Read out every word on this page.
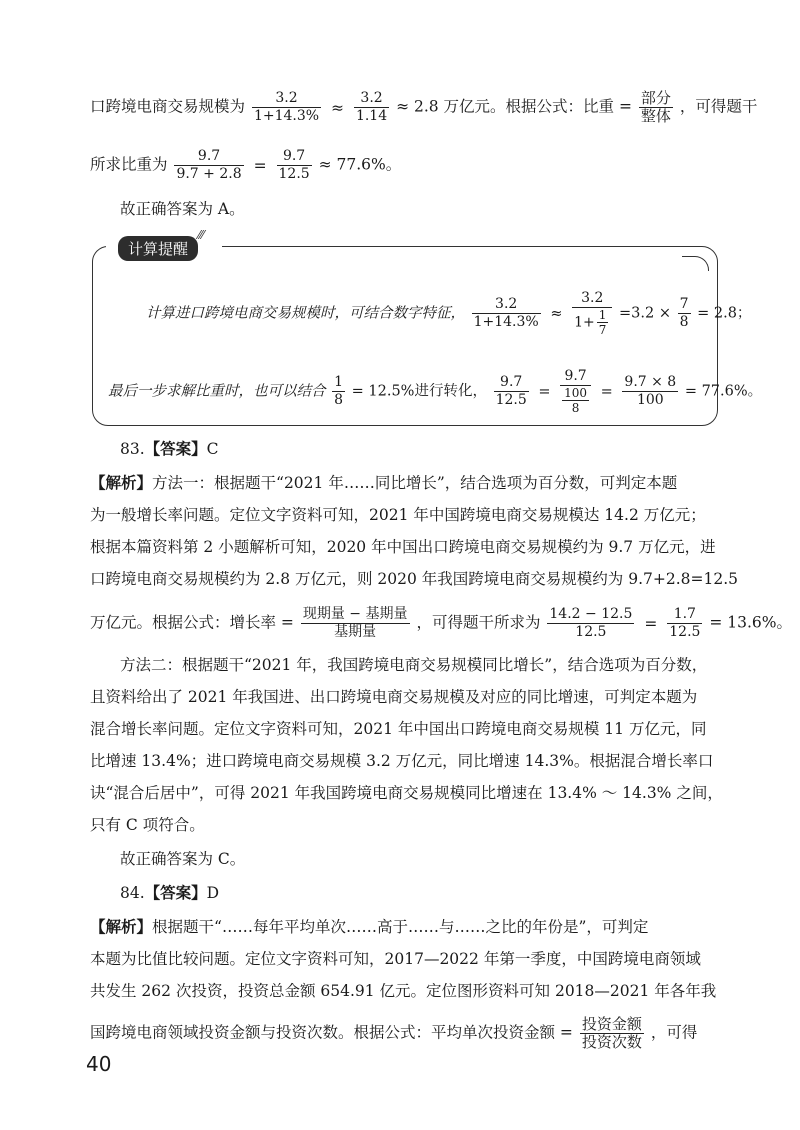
口跨境电商交易规模为 $\frac{3.2}{1+14.3\%} \approx \frac{3.2}{1.14} \approx 2.8$ 万亿元。根据公式：比重 = 部分
整体
，可得题干
所求比重为 $\frac{9.7}{9.7 + 2.8} = \frac{9.7}{12.5} \approx 77.6\%$。
故正确答案为 A。
计算提醒
⁄⁄⁄
计算进口跨境电商交易规模时，可结合数字特征， $\frac{3.2}{1+14.3\%} \approx \frac{3.2}{1+ \frac{1}{7}} =3.2 \times \frac{7}{8} = 2.8$；
最后一步求解比重时，也可以结合 $\frac{1}{8} = 12.5\%$进行转化， $\frac{9.7}{12.5} = \frac{9.7}{\frac{100}{8}} = \frac{9.7 \times 8}{100} = 77.6\%$。
83.【答案】C
【解析】方法一：根据题干“2021 年……同比增长”，结合选项为百分数，可判定本题
为一般增长率问题。定位文字资料可知，2021 年中国跨境电商交易规模达 14.2 万亿元；
根据本篇资料第 2 小题解析可知，2020 年中国出口跨境电商交易规模约为 9.7 万亿元，进
口跨境电商交易规模约为 2.8 万亿元，则 2020 年我国跨境电商交易规模约为 9.7+2.8=12.5
万亿元。根据公式：增长率 = 现期量 − 基期量
基期量
，可得题干所求为 $\frac{14.2 - 12.5}{12.5} = \frac{1.7}{12.5} = 13.6\%$。
方法二：根据题干“2021 年，我国跨境电商交易规模同比增长”，结合选项为百分数，
且资料给出了 2021 年我国进、出口跨境电商交易规模及对应的同比增速，可判定本题为
混合增长率问题。定位文字资料可知，2021 年中国出口跨境电商交易规模 11 万亿元，同
比增速 13.4%；进口跨境电商交易规模 3.2 万亿元，同比增速 14.3%。根据混合增长率口
诀“混合后居中”，可得 2021 年我国跨境电商交易规模同比增速在 13.4% ～ 14.3% 之间，
只有 C 项符合。
故正确答案为 C。
84.【答案】D
【解析】根据题干“……每年平均单次……高于……与……之比的年份是”，可判定
本题为比值比较问题。定位文字资料可知，2017—2022 年第一季度，中国跨境电商领域
共发生 262 次投资，投资总金额 654.91 亿元。定位图形资料可知 2018—2021 年各年我
国跨境电商领域投资金额与投资次数。根据公式：平均单次投资金额 = 投资金额
投资次数
，可得
40
